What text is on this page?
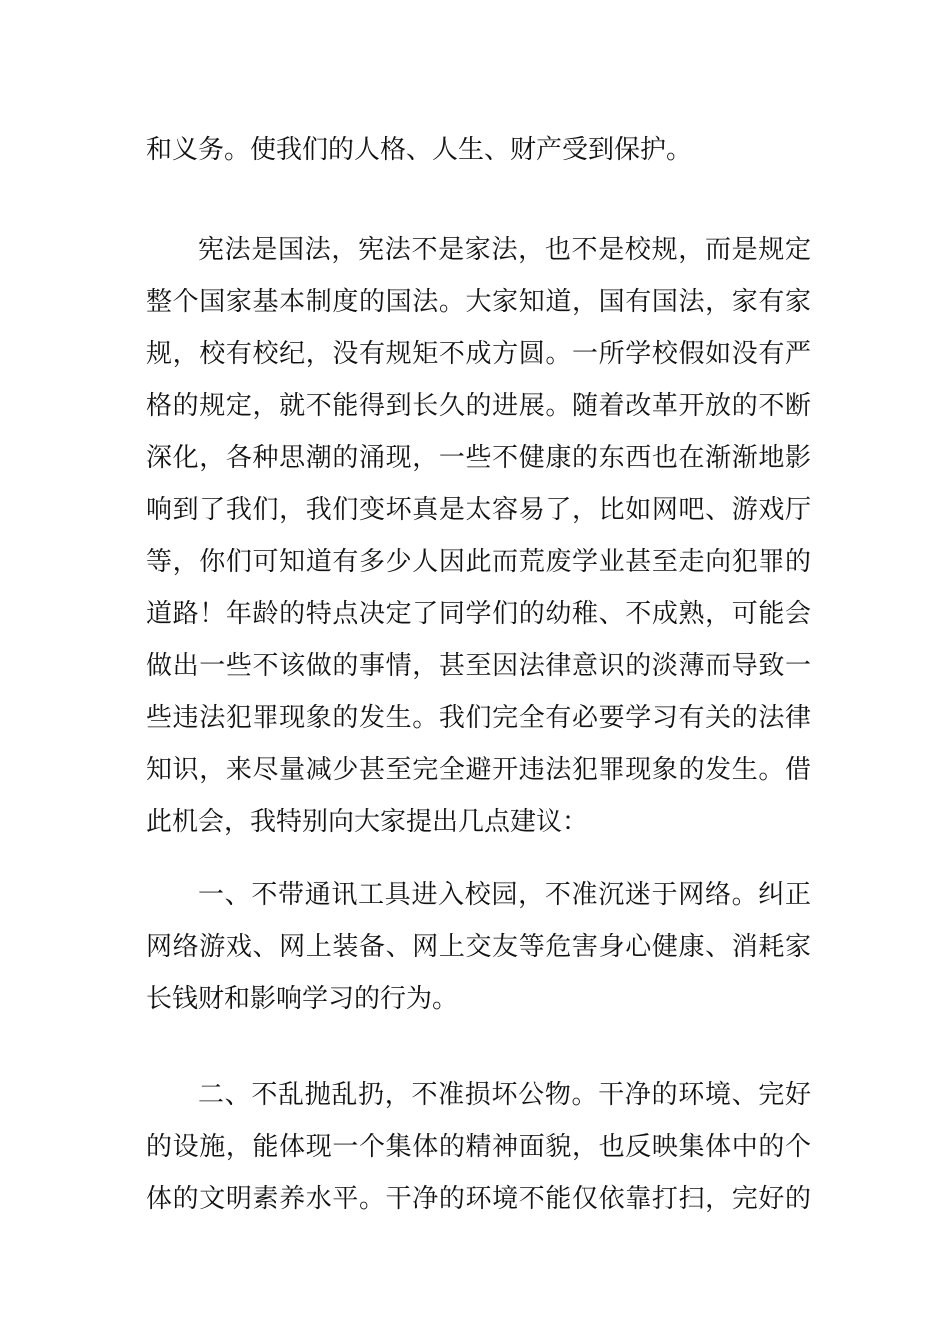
和义务。使我们的人格、人生、财产受到保护。
宪法是国法，宪法不是家法，也不是校规，而是规定
整个国家基本制度的国法。大家知道，国有国法，家有家
规，校有校纪，没有规矩不成方圆。一所学校假如没有严
格的规定，就不能得到长久的进展。随着改革开放的不断
深化，各种思潮的涌现，一些不健康的东西也在渐渐地影
响到了我们，我们变坏真是太容易了，比如网吧、游戏厅
等，你们可知道有多少人因此而荒废学业甚至走向犯罪的
道路！年龄的特点决定了同学们的幼稚、不成熟，可能会
做出一些不该做的事情，甚至因法律意识的淡薄而导致一
些违法犯罪现象的发生。我们完全有必要学习有关的法律
知识，来尽量减少甚至完全避开违法犯罪现象的发生。借
此机会，我特别向大家提出几点建议：
一、不带通讯工具进入校园，不准沉迷于网络。纠正
网络游戏、网上装备、网上交友等危害身心健康、消耗家
长钱财和影响学习的行为。
二、不乱抛乱扔，不准损坏公物。干净的环境、完好
的设施，能体现一个集体的精神面貌，也反映集体中的个
体的文明素养水平。干净的环境不能仅依靠打扫，完好的
